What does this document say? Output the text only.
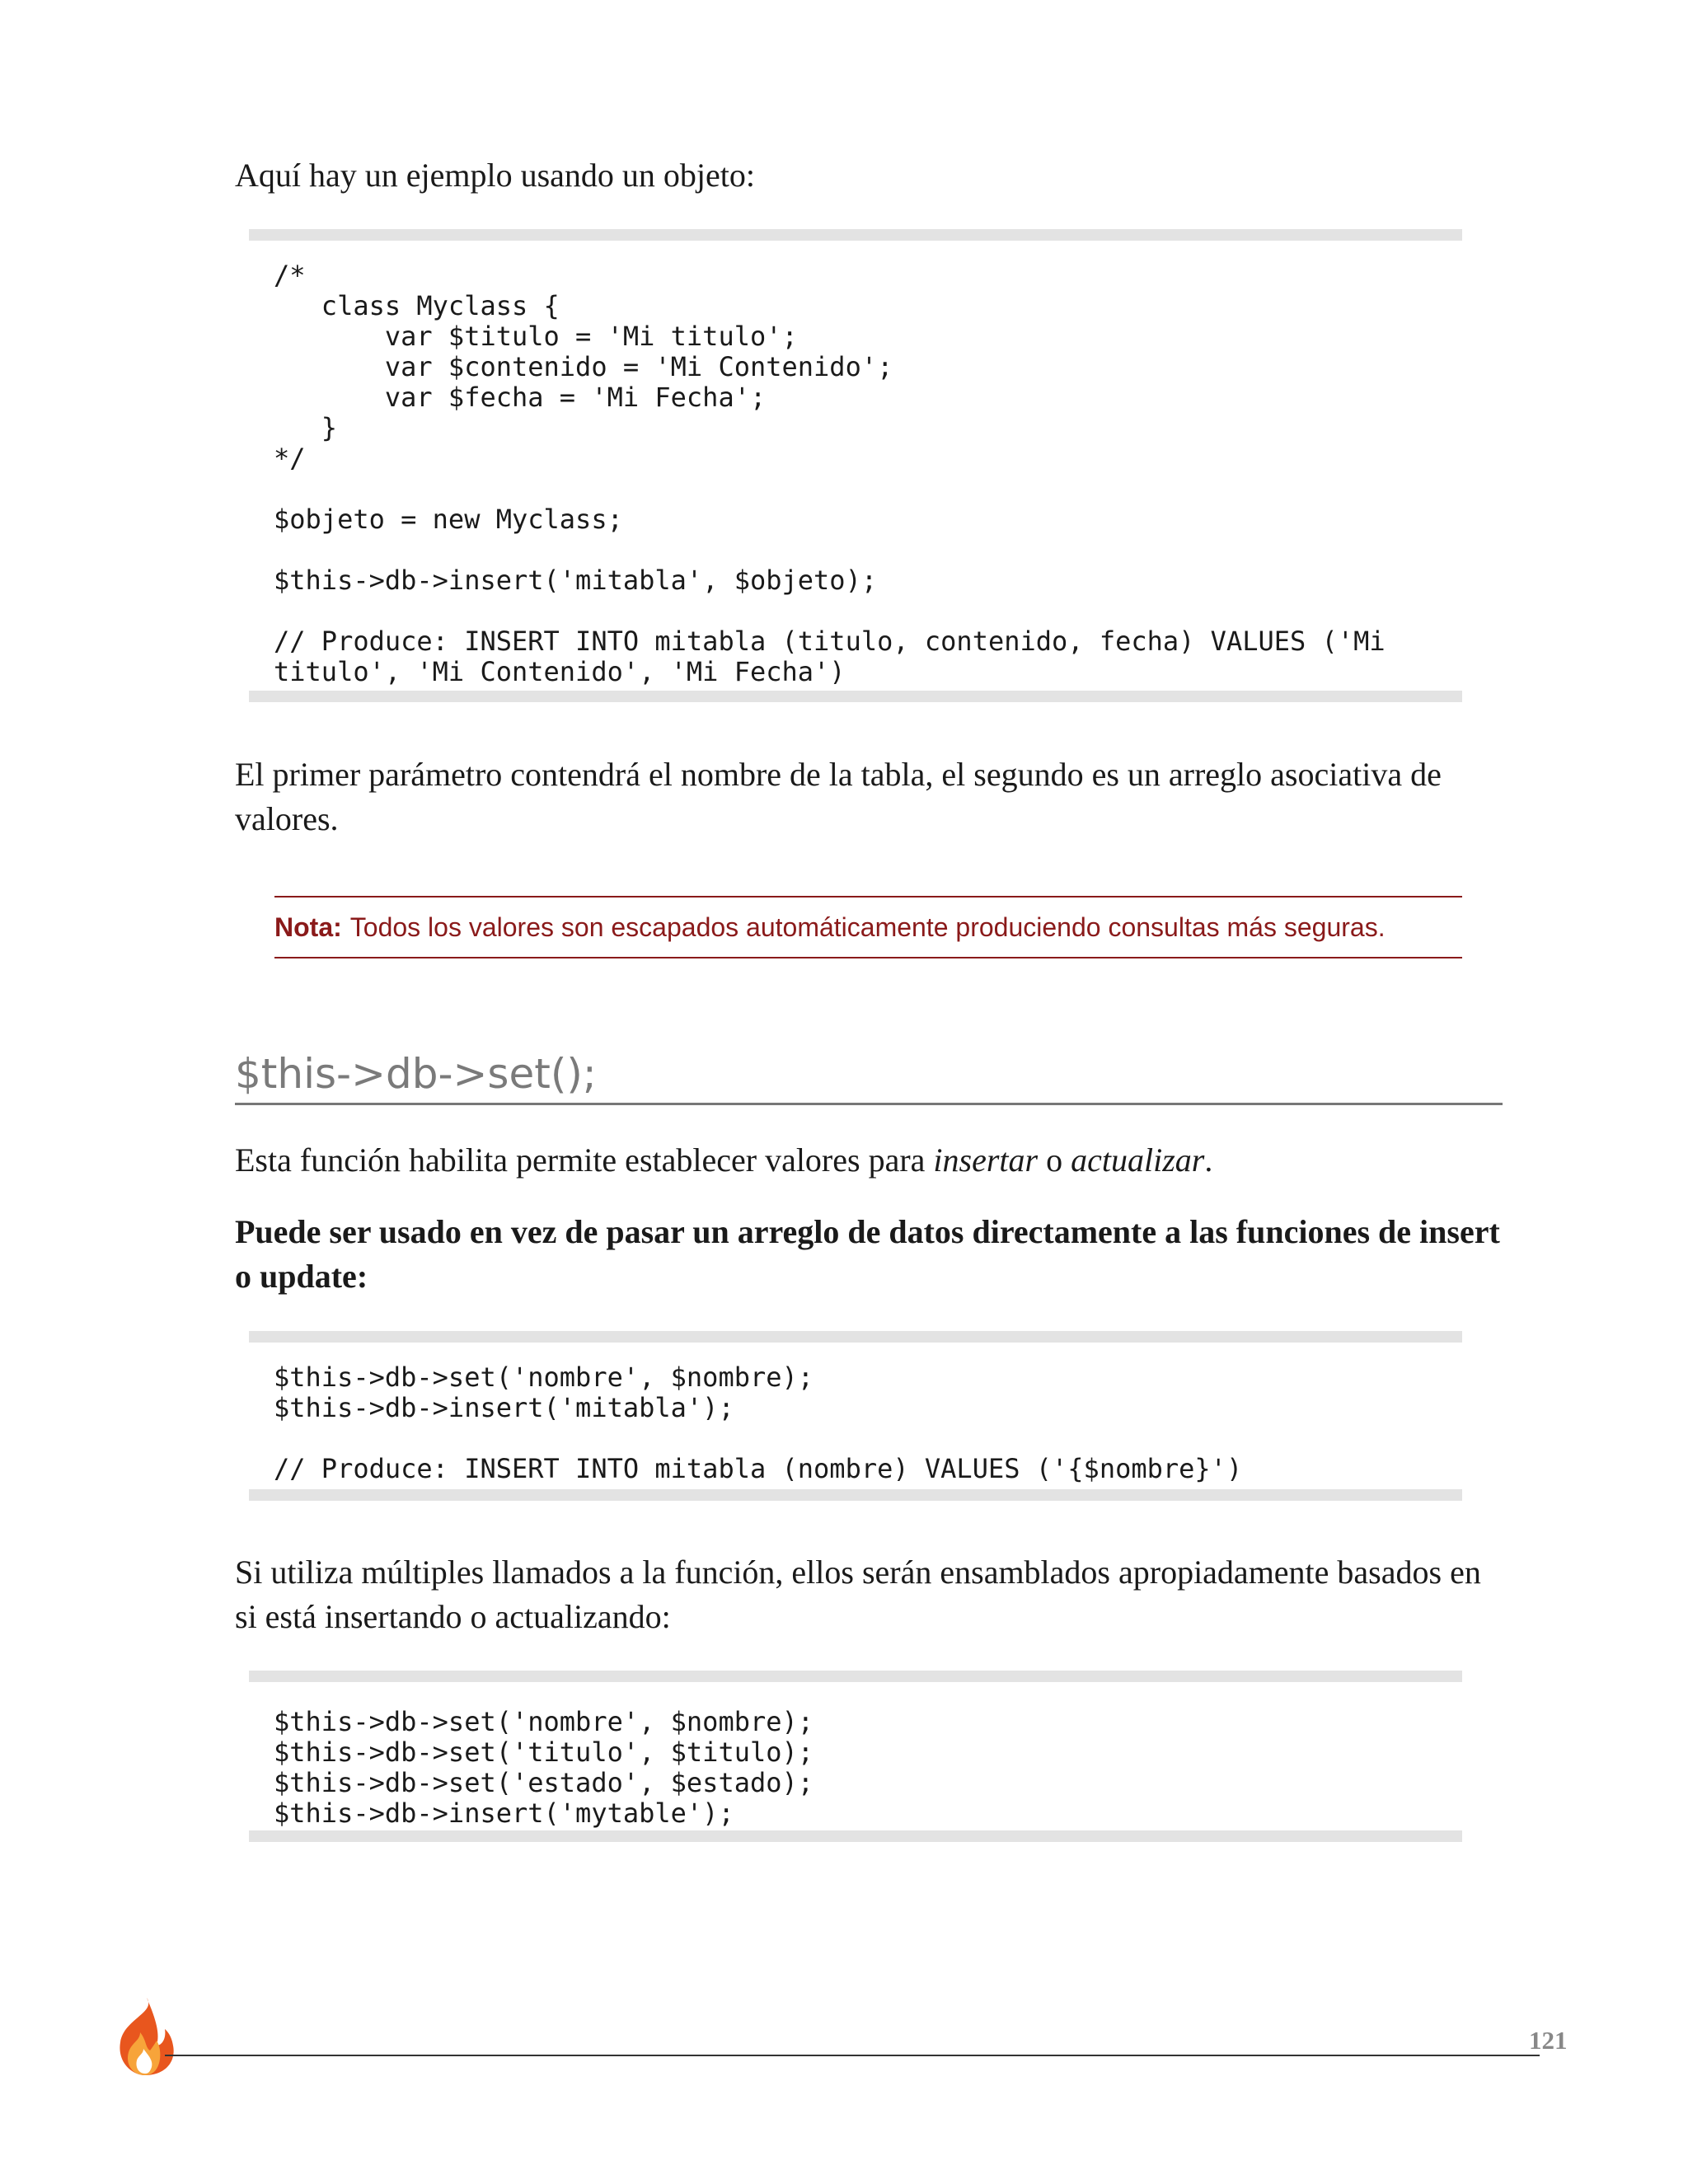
Aquí hay un ejemplo usando un objeto:

/*
class Myclass {
var $titulo = 'Mi titulo';
var $contenido = 'Mi Contenido';
var $fecha = 'Mi Fecha';
}
*/

$objeto = new Myclass;

$this->db->insert('mitabla', $objeto);

// Produce: INSERT INTO mitabla (titulo, contenido, fecha) VALUES ('Mi
titulo', 'Mi Contenido', 'Mi Fecha')

El primer parámetro contendrá el nombre de la tabla, el segundo es un arreglo asociativa de valores.

Nota: Todos los valores son escapados automáticamente produciendo consultas más seguras.
$this->db->set();

Esta función habilita permite establecer valores para insertar o actualizar.

Puede ser usado en vez de pasar un arreglo de datos directamente a las funciones de insert o update:

$this->db->set('nombre', $nombre);
$this->db->insert('mitabla');

// Produce: INSERT INTO mitabla (nombre) VALUES ('{$nombre}')

Si utiliza múltiples llamados a la función, ellos serán ensamblados apropiadamente basados en si está insertando o actualizando:

$this->db->set('nombre', $nombre);
$this->db->set('titulo', $titulo);
$this->db->set('estado', $estado);
$this->db->insert('mytable');
121
